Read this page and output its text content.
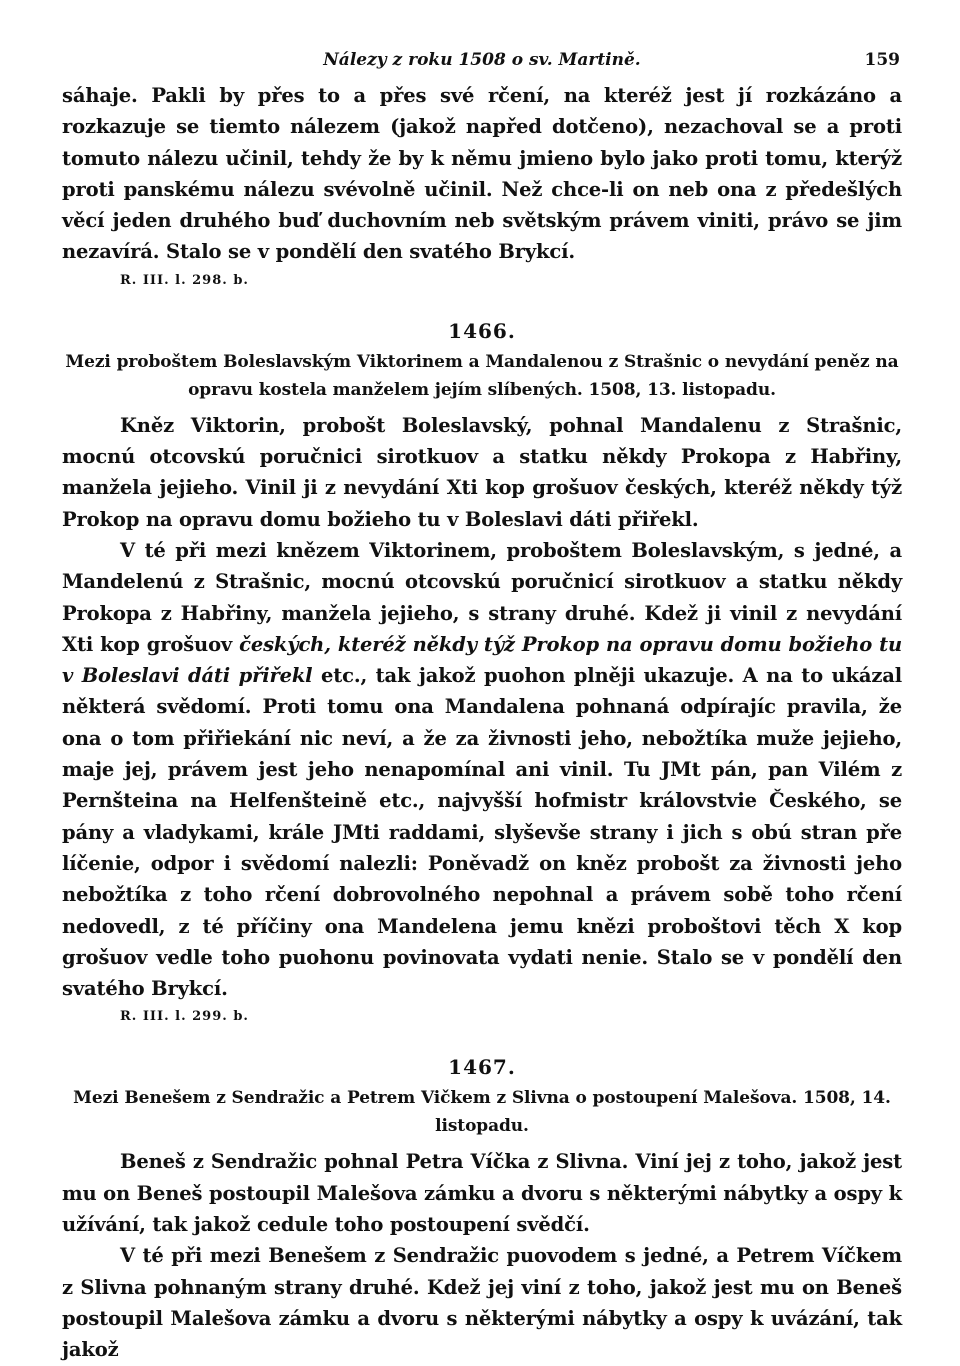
Nálezy z roku 1508 o sv. Martině.	159

sáhaje. Pakli by přes to a přes své rčení, na kteréž jest jí rozkázáno a rozkazuje se tiemto nálezem (jakož napřed dotčeno), nezachoval se a proti tomuto nálezu učinil, tehdy že by k němu jmieno bylo jako proti tomu, kterýž proti panskému nálezu svévolně učinil. Než chce-li on neb ona z předešlých věcí jeden druhého buď duchovním neb světským právem viniti, právo se jim nezavírá. Stalo se v pondělí den svatého Brykcí.

R. III. l. 298. b.
1466.
Mezi proboštem Boleslavským Viktorinem a Mandalenou z Strašnic o nevydání peněz na opravu kostela manželem jejím slíbených. 1508, 13. listopadu.

Kněz Viktorin, probošt Boleslavský, pohnal Mandalenu z Strašnic, mocnú otcovskú poručnici sirotkuov a statku někdy Prokopa z Habřiny, manžela jejieho. Vinil ji z nevydání Xti kop grošuov českých, kteréž někdy týž Prokop na opravu domu božieho tu v Boleslavi dáti přiřekl.

V té při mezi knězem Viktorinem, proboštem Boleslavským, s jedné, a Mandelenú z Strašnic, mocnú otcovskú poručnicí sirotkuov a statku někdy Prokopa z Habřiny, manžela jejieho, s strany druhé. Kdež ji vinil z nevydání Xti kop grošuov českých, kteréž někdy týž Prokop na opravu domu božieho tu v Boleslavi dáti přiřekl etc., tak jakož puohon plněji ukazuje. A na to ukázal některá svědomí. Proti tomu ona Mandalena pohnaná odpírajíc pravila, že ona o tom přiřiekání nic neví, a že za živnosti jeho, nebožtíka muže jejieho, maje jej, právem jest jeho nenapomínal ani vinil. Tu JMt pán, pan Vilém z Pernšteina na Helfenšteině etc., najvyšší hofmistr královstvie Českého, se pány a vladykami, krále JMti raddami, slyševše strany i jich s obú stran pře líčenie, odpor i svědomí nalezli: Poněvadž on kněz probošt za živnosti jeho nebožtíka z toho rčení dobrovolného nepohnal a právem sobě toho rčení nedovedl, z té příčiny ona Mandelena jemu knězi proboštovi těch X kop grošuov vedle toho puohonu povinovata vydati nenie. Stalo se v pondělí den svatého Brykcí.

R. III. l. 299. b.
1467.
Mezi Benešem z Sendražic a Petrem Vičkem z Slivna o postoupení Malešova. 1508, 14. listopadu.

Beneš z Sendražic pohnal Petra Víčka z Slivna. Viní jej z toho, jakož jest mu on Beneš postoupil Malešova zámku a dvoru s některými nábytky a ospy k užívání, tak jakož cedule toho postoupení svědčí.

V té při mezi Benešem z Sendražic puovodem s jedné, a Petrem Víčkem z Slivna pohnaným strany druhé. Kdež jej viní z toho, jakož jest mu on Beneš postoupil Malešova zámku a dvoru s některými nábytky a ospy k uvázání, tak jakož
